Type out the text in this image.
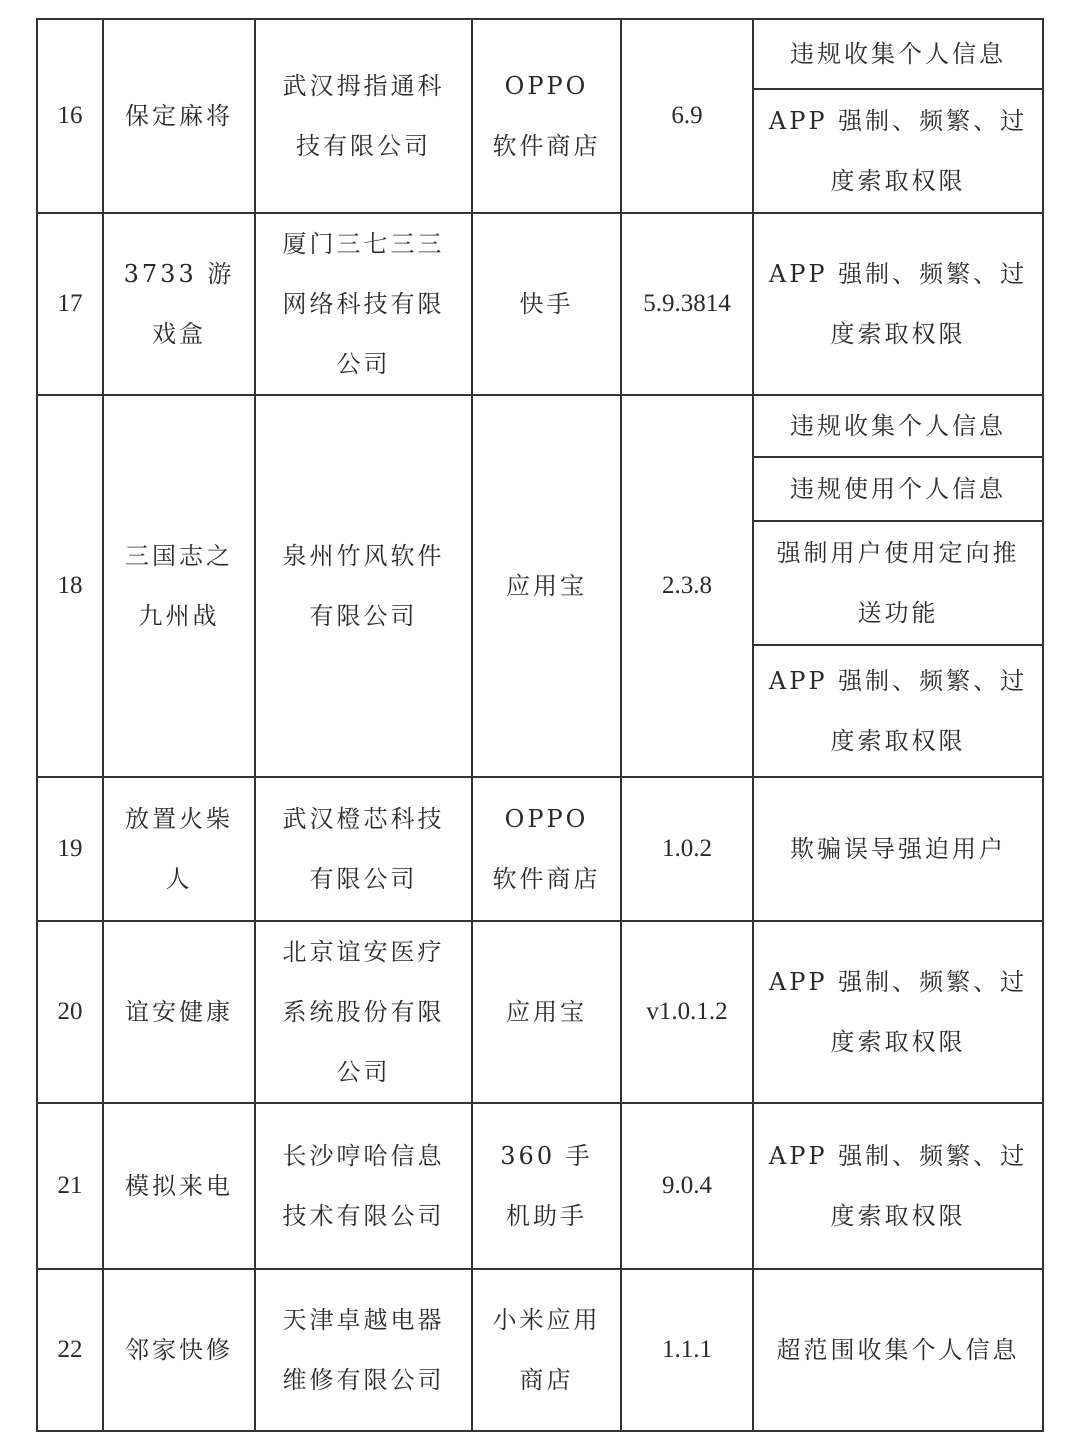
16	保定麻将	武汉拇指通科技有限公司	OPPO 软件商店	6.9	违规收集个人信息

					APP 强制、频繁、过度索取权限

17	3733 游戏盒	厦门三七三三网络科技有限公司	快手	5.9.3814	APP 强制、频繁、过度索取权限

18	三国志之九州战	泉州竹风软件有限公司	应用宝	2.3.8	违规收集个人信息

					违规使用个人信息

					强制用户使用定向推送功能

					APP 强制、频繁、过度索取权限

19	放置火柴人	武汉橙芯科技有限公司	OPPO 软件商店	1.0.2	欺骗误导强迫用户

20	谊安健康	北京谊安医疗系统股份有限公司	应用宝	v1.0.1.2	APP 强制、频繁、过度索取权限

21	模拟来电	长沙哼哈信息技术有限公司	360 手机助手	9.0.4	APP 强制、频繁、过度索取权限

22	邻家快修	天津卓越电器维修有限公司	小米应用商店	1.1.1	超范围收集个人信息
